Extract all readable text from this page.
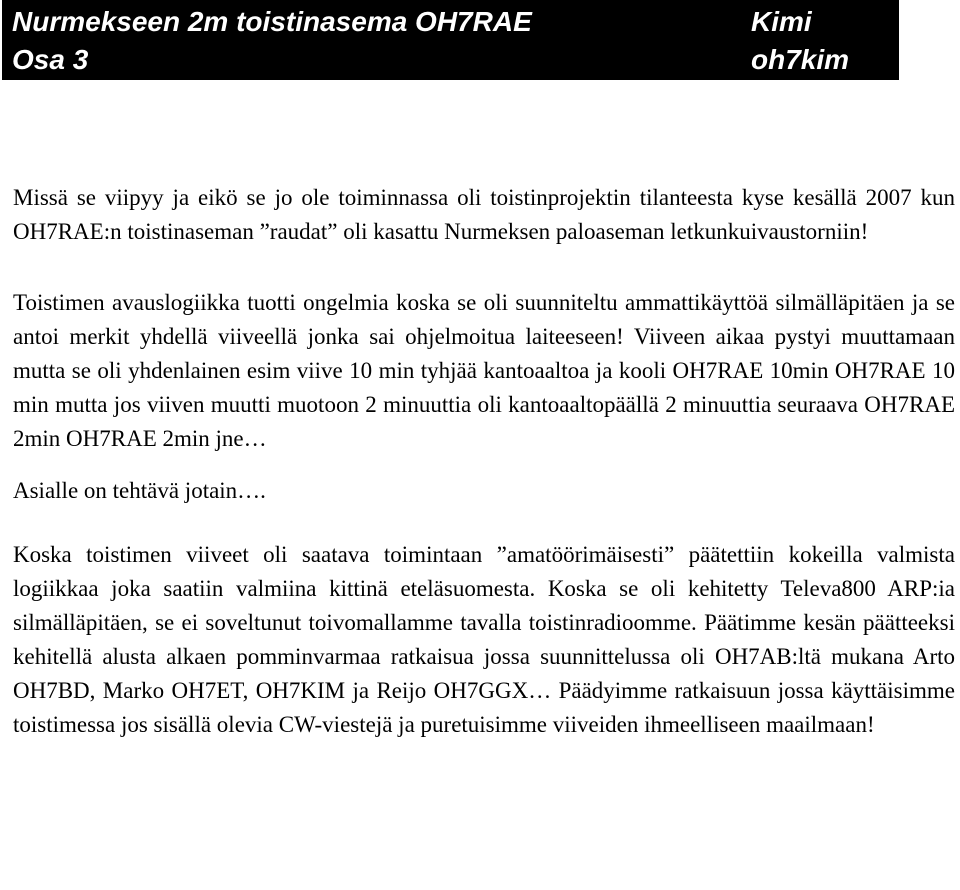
Nurmekseen 2m toistinasema OH7RAE
Osa 3
Kimi
oh7kim

Missä se viipyy ja eikö se jo ole toiminnassa oli toistinprojektin tilanteesta kyse kesällä 2007 kun OH7RAE:n toistinaseman ”raudat” oli kasattu Nurmeksen paloaseman letkunkuivaustorniin!

Toistimen avauslogiikka tuotti ongelmia koska se oli suunniteltu ammattikäyttöä silmälläpitäen ja se antoi merkit yhdellä viiveellä jonka sai ohjelmoitua laiteeseen! Viiveen aikaa pystyi muuttamaan mutta se oli yhdenlainen esim viive 10 min tyhjää kantoaaltoa ja kooli OH7RAE 10min OH7RAE 10 min mutta jos viiven muutti muotoon 2 minuuttia oli kantoaaltopäällä 2 minuuttia seuraava OH7RAE 2min OH7RAE 2min jne…

Asialle on tehtävä jotain….

Koska toistimen viiveet oli saatava toimintaan ”amatöörimäisesti” päätettiin kokeilla valmista logiikkaa joka saatiin valmiina kittinä eteläsuomesta. Koska se oli kehitetty Televa800 ARP:ia silmälläpitäen, se ei soveltunut toivomallamme tavalla toistinradioomme. Päätimme kesän päätteeksi kehitellä alusta alkaen pomminvarmaa ratkaisua jossa suunnittelussa oli OH7AB:ltä mukana Arto OH7BD, Marko OH7ET, OH7KIM ja Reijo OH7GGX… Päädyimme ratkaisuun jossa käyttäisimme toistimessa jos sisällä olevia CW-viestejä ja puretuisimme viiveiden ihmeelliseen maailmaan!
